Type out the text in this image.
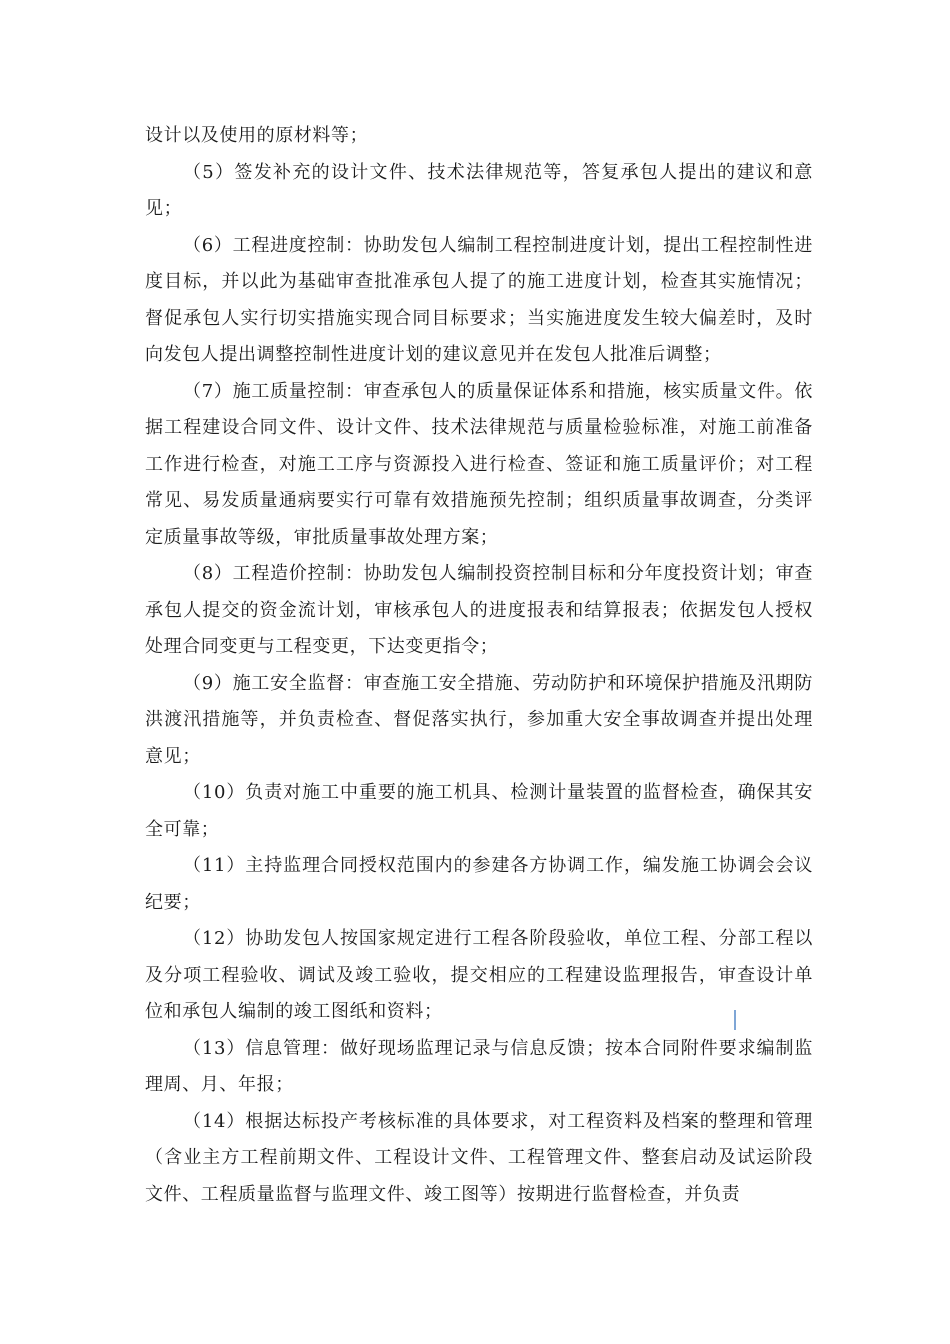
设计以及使用的原材料等；

（5）签发补充的设计文件、技术法律规范等，答复承包人提出的建议和意见；

（6）工程进度控制：协助发包人编制工程控制进度计划，提出工程控制性进度目标，并以此为基础审查批准承包人提了的施工进度计划，检查其实施情况；督促承包人实行切实措施实现合同目标要求；当实施进度发生较大偏差时，及时向发包人提出调整控制性进度计划的建议意见并在发包人批准后调整；

（7）施工质量控制：审查承包人的质量保证体系和措施，核实质量文件。依据工程建设合同文件、设计文件、技术法律规范与质量检验标准，对施工前准备工作进行检查，对施工工序与资源投入进行检查、签证和施工质量评价；对工程常见、易发质量通病要实行可靠有效措施预先控制；组织质量事故调查，分类评定质量事故等级，审批质量事故处理方案；

（8）工程造价控制：协助发包人编制投资控制目标和分年度投资计划；审查承包人提交的资金流计划，审核承包人的进度报表和结算报表；依据发包人授权处理合同变更与工程变更，下达变更指令；

（9）施工安全监督：审查施工安全措施、劳动防护和环境保护措施及汛期防洪渡汛措施等，并负责检查、督促落实执行，参加重大安全事故调查并提出处理意见；

（10）负责对施工中重要的施工机具、检测计量装置的监督检查，确保其安全可靠；

（11）主持监理合同授权范围内的参建各方协调工作，编发施工协调会会议纪要；

（12）协助发包人按国家规定进行工程各阶段验收，单位工程、分部工程以及分项工程验收、调试及竣工验收，提交相应的工程建设监理报告，审查设计单位和承包人编制的竣工图纸和资料；

（13）信息管理：做好现场监理记录与信息反馈；按本合同附件要求编制监理周、月、年报；

（14）根据达标投产考核标准的具体要求，对工程资料及档案的整理和管理（含业主方工程前期文件、工程设计文件、工程管理文件、整套启动及试运阶段文件、工程质量监督与监理文件、竣工图等）按期进行监督检查，并负责
